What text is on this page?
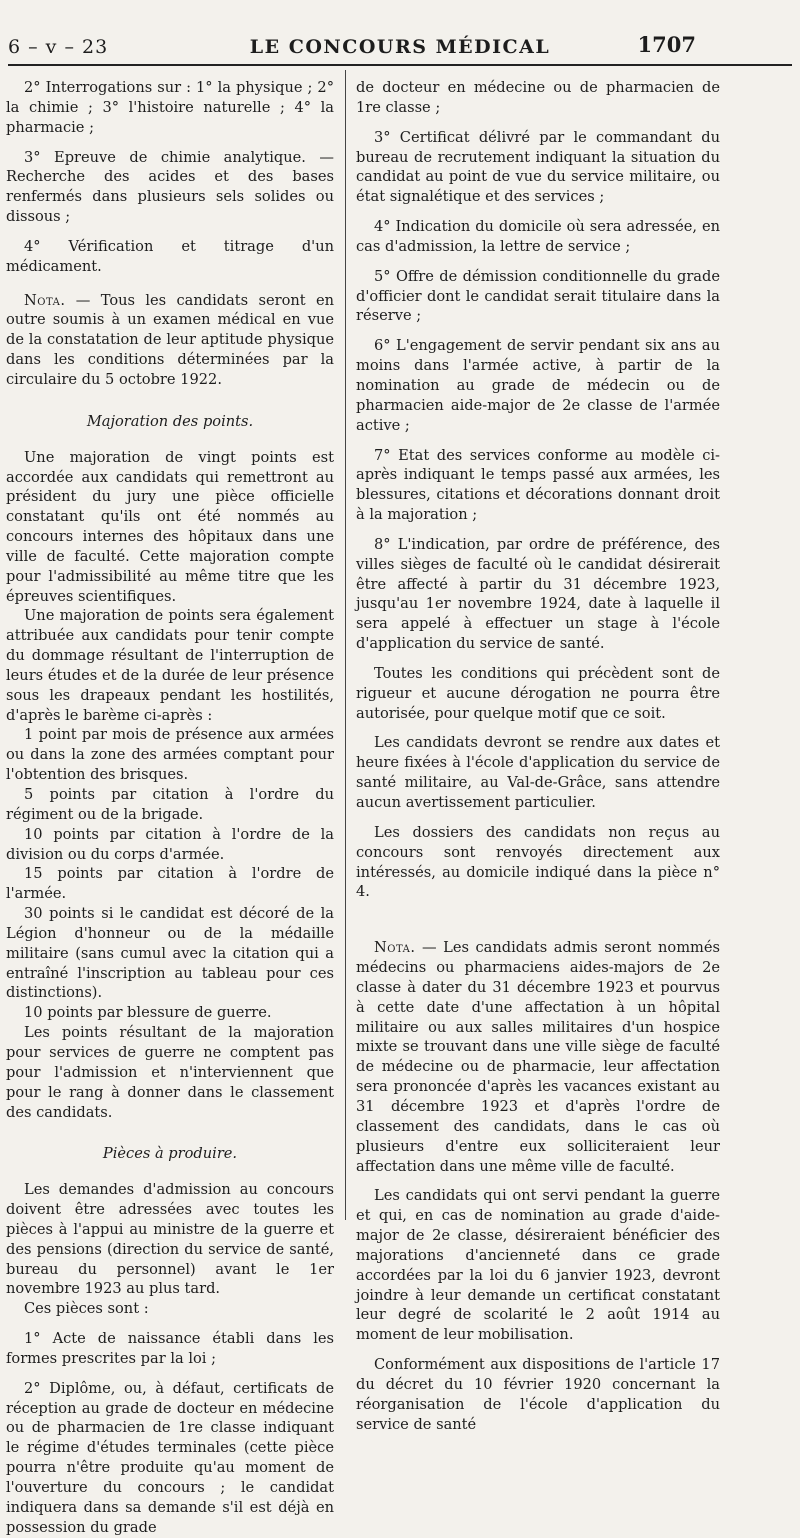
6 – v – 23	LE CONCOURS MÉDICAL	1707

2° Interrogations sur : 1° la physique ; 2° la chimie ; 3° l'histoire naturelle ; 4° la pharmacie ;

3° Epreuve de chimie analytique. — Recherche des acides et des bases renfermés dans plusieurs sels solides ou dissous ;

4° Vérification et titrage d'un médicament.

Nota. — Tous les candidats seront en outre soumis à un examen médical en vue de la constatation de leur aptitude physique dans les conditions déterminées par la circulaire du 5 octobre 1922.

Majoration des points.

Une majoration de vingt points est accordée aux candidats qui remettront au président du jury une pièce officielle constatant qu'ils ont été nommés au concours internes des hôpitaux dans une ville de faculté. Cette majoration compte pour l'admissibilité au même titre que les épreuves scientifiques.

Une majoration de points sera également attribuée aux candidats pour tenir compte du dommage résultant de l'interruption de leurs études et de la durée de leur présence sous les drapeaux pendant les hostilités, d'après le barème ci-après :

1 point par mois de présence aux armées ou dans la zone des armées comptant pour l'obtention des brisques.

5 points par citation à l'ordre du régiment ou de la brigade.

10 points par citation à l'ordre de la division ou du corps d'armée.

15 points par citation à l'ordre de l'armée.

30 points si le candidat est décoré de la Légion d'honneur ou de la médaille militaire (sans cumul avec la citation qui a entraîné l'inscription au tableau pour ces distinctions).

10 points par blessure de guerre.

Les points résultant de la majoration pour services de guerre ne comptent pas pour l'admission et n'interviennent que pour le rang à donner dans le classement des candidats.

Pièces à produire.

Les demandes d'admission au concours doivent être adressées avec toutes les pièces à l'appui au ministre de la guerre et des pensions (direction du service de santé, bureau du personnel) avant le 1er novembre 1923 au plus tard.

Ces pièces sont :

1° Acte de naissance établi dans les formes prescrites par la loi ;

2° Diplôme, ou, à défaut, certificats de réception au grade de docteur en médecine ou de pharmacien de 1re classe indiquant le régime d'études terminales (cette pièce pourra n'être produite qu'au moment de l'ouverture du concours ; le candidat indiquera dans sa demande s'il est déjà en possession du grade

de docteur en médecine ou de pharmacien de 1re classe ;

3° Certificat délivré par le commandant du bureau de recrutement indiquant la situation du candidat au point de vue du service militaire, ou état signalétique et des services ;

4° Indication du domicile où sera adressée, en cas d'admission, la lettre de service ;

5° Offre de démission conditionnelle du grade d'officier dont le candidat serait titulaire dans la réserve ;

6° L'engagement de servir pendant six ans au moins dans l'armée active, à partir de la nomination au grade de médecin ou de pharmacien aide-major de 2e classe de l'armée active ;

7° Etat des services conforme au modèle ci-après indiquant le temps passé aux armées, les blessures, citations et décorations donnant droit à la majoration ;

8° L'indication, par ordre de préférence, des villes sièges de faculté où le candidat désirerait être affecté à partir du 31 décembre 1923, jusqu'au 1er novembre 1924, date à laquelle il sera appelé à effectuer un stage à l'école d'application du service de santé.

Toutes les conditions qui précèdent sont de rigueur et aucune dérogation ne pourra être autorisée, pour quelque motif que ce soit.

Les candidats devront se rendre aux dates et heure fixées à l'école d'application du service de santé militaire, au Val-de-Grâce, sans attendre aucun avertissement particulier.

Les dossiers des candidats non reçus au concours sont renvoyés directement aux intéressés, au domicile indiqué dans la pièce n° 4.

Nota. — Les candidats admis seront nommés médecins ou pharmaciens aides-majors de 2e classe à dater du 31 décembre 1923 et pourvus à cette date d'une affectation à un hôpital militaire ou aux salles militaires d'un hospice mixte se trouvant dans une ville siège de faculté de médecine ou de pharmacie, leur affectation sera prononcée d'après les vacances existant au 31 décembre 1923 et d'après l'ordre de classement des candidats, dans le cas où plusieurs d'entre eux solliciteraient leur affectation dans une même ville de faculté.

Les candidats qui ont servi pendant la guerre et qui, en cas de nomination au grade d'aide-major de 2e classe, désireraient bénéficier des majorations d'ancienneté dans ce grade accordées par la loi du 6 janvier 1923, devront joindre à leur demande un certificat constatant leur degré de scolarité le 2 août 1914 au moment de leur mobilisation.

Conformément aux dispositions de l'article 17 du décret du 10 février 1920 concernant la réorganisation de l'école d'application du service de santé
